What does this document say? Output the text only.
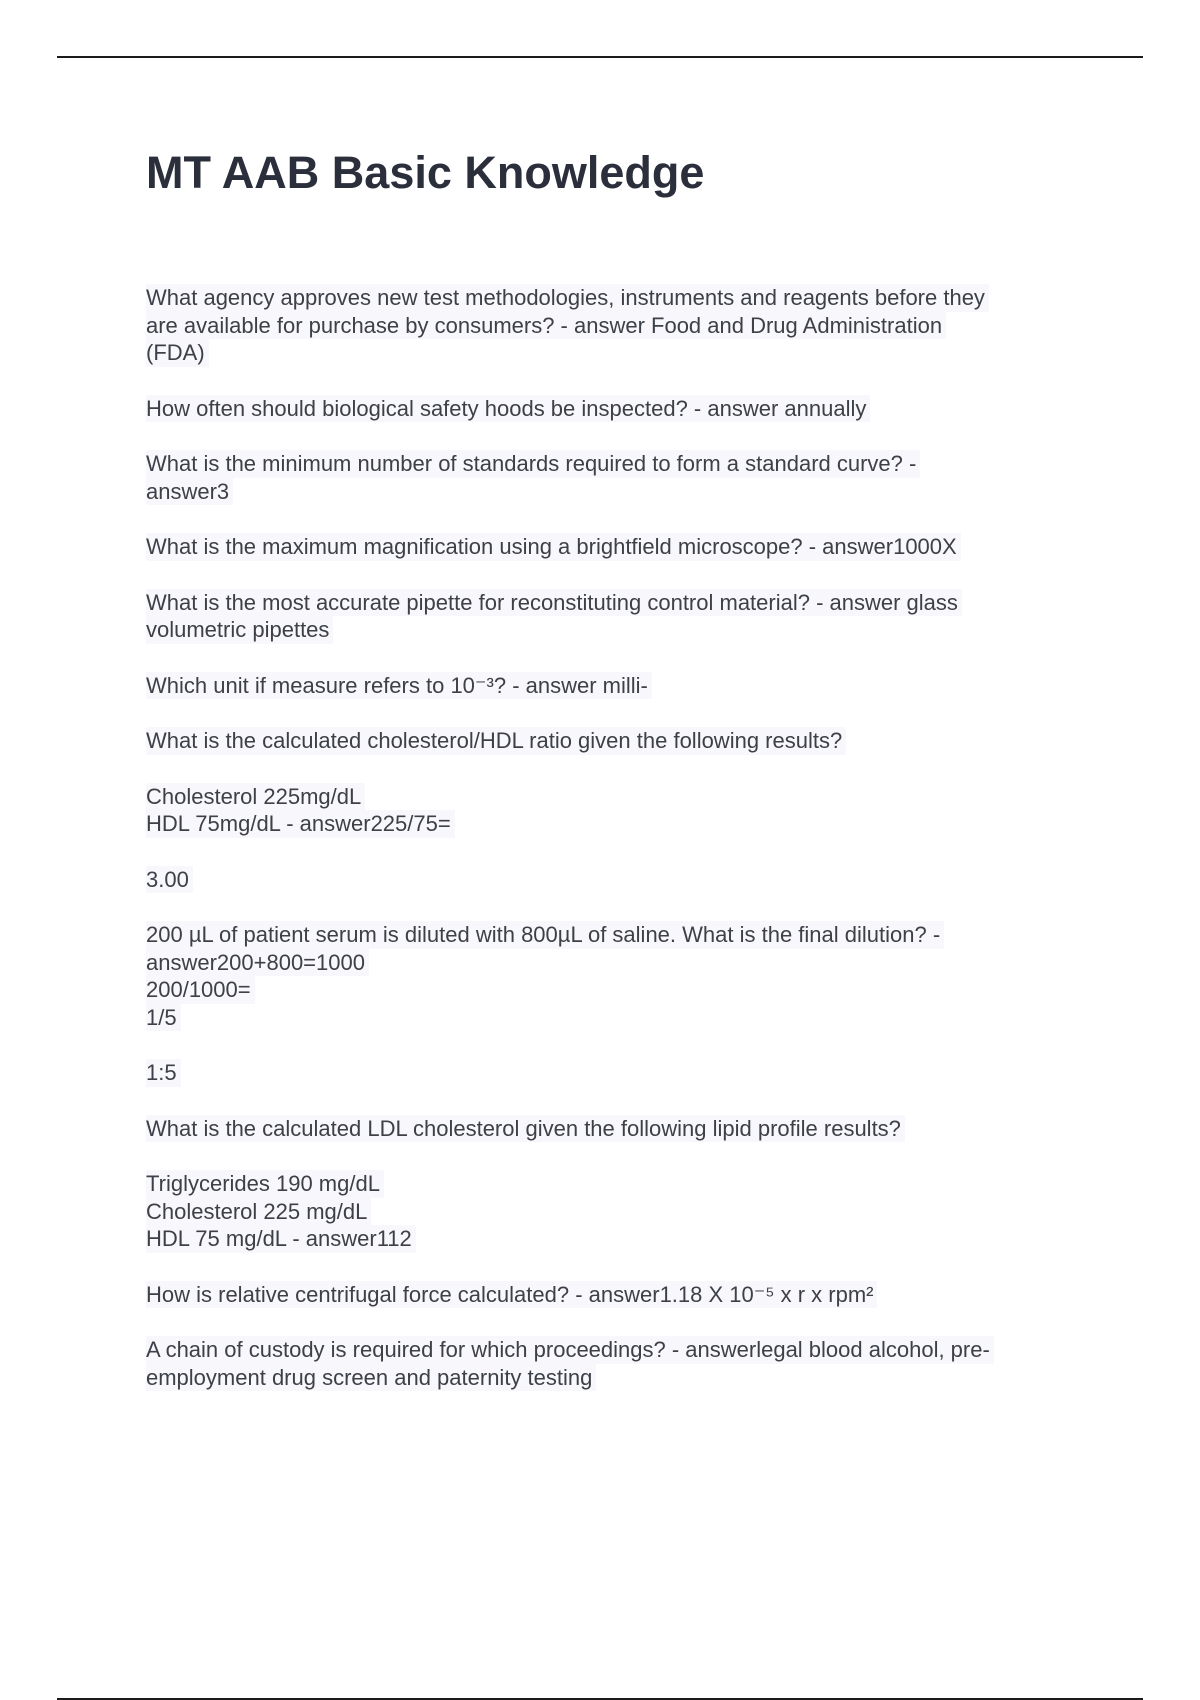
MT AAB Basic Knowledge

What agency approves new test methodologies, instruments and reagents before they
are available for purchase by consumers? - answer Food and Drug Administration
(FDA)

How often should biological safety hoods be inspected? - answer annually

What is the minimum number of standards required to form a standard curve? -
answer3

What is the maximum magnification using a brightfield microscope? - answer1000X

What is the most accurate pipette for reconstituting control material? - answer glass
volumetric pipettes

Which unit if measure refers to 10⁻³? - answer milli-

What is the calculated cholesterol/HDL ratio given the following results?

Cholesterol 225mg/dL
HDL 75mg/dL - answer225/75=

3.00

200 µL of patient serum is diluted with 800µL of saline. What is the final dilution? -
answer200+800=1000
200/1000=
1/5

1:5

What is the calculated LDL cholesterol given the following lipid profile results?

Triglycerides 190 mg/dL
Cholesterol 225 mg/dL
HDL 75 mg/dL - answer112

How is relative centrifugal force calculated? - answer1.18 X 10⁻⁵ x r x rpm²

A chain of custody is required for which proceedings? - answerlegal blood alcohol, pre-
employment drug screen and paternity testing
